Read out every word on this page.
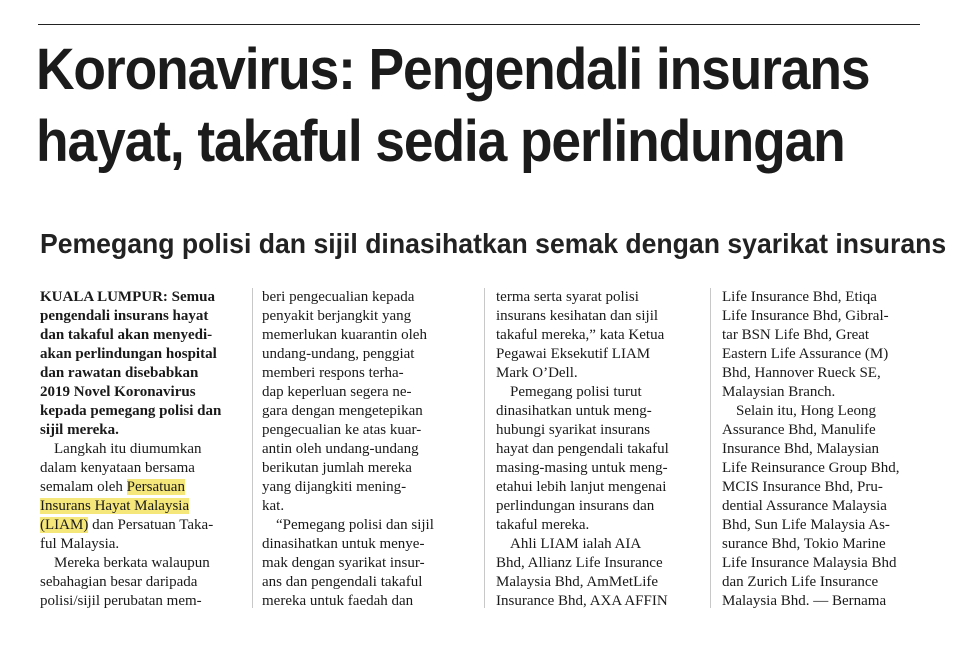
Koronavirus: Pengendali insurans
hayat, takaful sedia perlindungan
Pemegang polisi dan sijil dinasihatkan semak dengan syarikat insurans

KUALA LUMPUR: Semua
pengendali insurans hayat
dan takaful akan menyedi-
akan perlindungan hospital
dan rawatan disebabkan
2019 Novel Koronavirus
kepada pemegang polisi dan
sijil mereka.

Langkah itu diumumkan
dalam kenyataan bersama
semalam oleh Persatuan
Insurans Hayat Malaysia
(LIAM) dan Persatuan Taka-
ful Malaysia.

Mereka berkata walaupun
sebahagian besar daripada
polisi/sijil perubatan mem-

beri pengecualian kepada
penyakit berjangkit yang
memerlukan kuarantin oleh
undang-undang, penggiat
memberi respons terha-
dap keperluan segera ne-
gara dengan mengetepikan
pengecualian ke atas kuar-
antin oleh undang-undang
berikutan jumlah mereka
yang dijangkiti mening-
kat.

“Pemegang polisi dan sijil
dinasihatkan untuk menye-
mak dengan syarikat insur-
ans dan pengendali takaful
mereka untuk faedah dan

terma serta syarat polisi
insurans kesihatan dan sijil
takaful mereka,” kata Ketua
Pegawai Eksekutif LIAM
Mark O’Dell.

Pemegang polisi turut
dinasihatkan untuk meng-
hubungi syarikat insurans
hayat dan pengendali takaful
masing-masing untuk meng-
etahui lebih lanjut mengenai
perlindungan insurans dan
takaful mereka.

Ahli LIAM ialah AIA
Bhd, Allianz Life Insurance
Malaysia Bhd, AmMetLife
Insurance Bhd, AXA AFFIN

Life Insurance Bhd, Etiqa
Life Insurance Bhd, Gibral-
tar BSN Life Bhd, Great
Eastern Life Assurance (M)
Bhd, Hannover Rueck SE,
Malaysian Branch.

Selain itu, Hong Leong
Assurance Bhd, Manulife
Insurance Bhd, Malaysian
Life Reinsurance Group Bhd,
MCIS Insurance Bhd, Pru-
dential Assurance Malaysia
Bhd, Sun Life Malaysia As-
surance Bhd, Tokio Marine
Life Insurance Malaysia Bhd
dan Zurich Life Insurance
Malaysia Bhd. — Bernama
